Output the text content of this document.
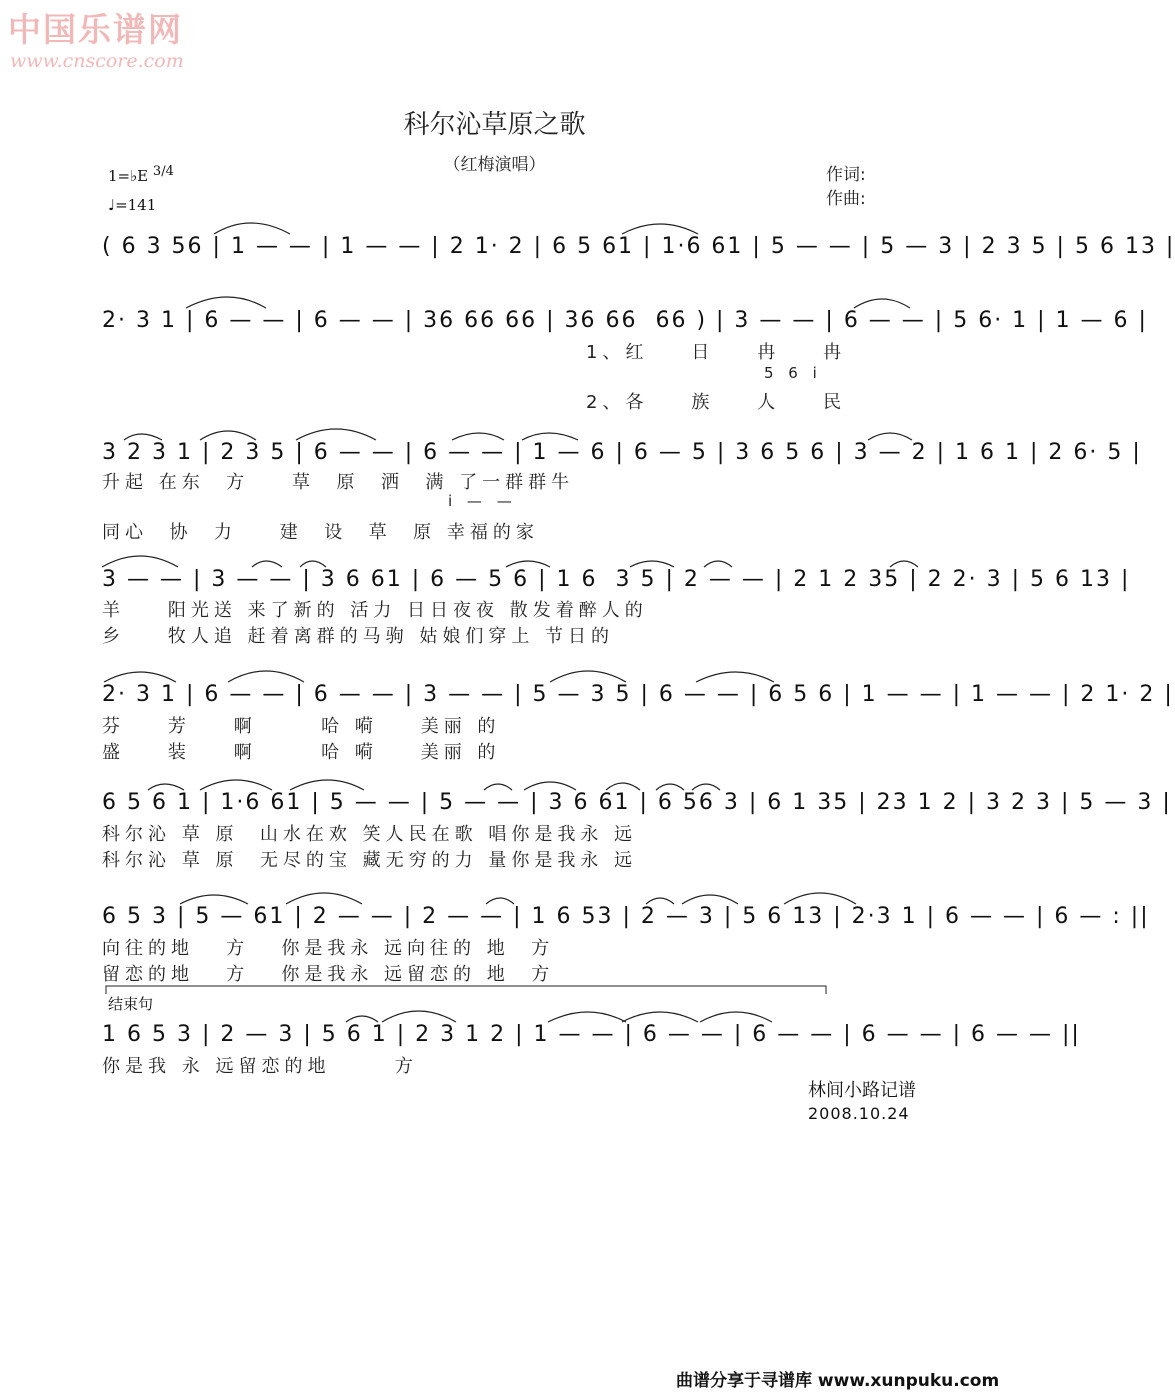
中国乐谱网
www.cnscore.com
科尔沁草原之歌
（红梅演唱）	作词:
作曲:
1=♭E 3/4
♩=141
( 6 3 56 | 1 — — | 1 — — | 2 1· 2 | 6 5 61 | 1·6 61 | 5 — — | 5 — 3 | 2 3 5 | 5 6 13 |
2· 3 1 | 6 — — | 6 — — | 36 66 66 | 36 66  66 ) | 3 — — | 6 — — | 5 6· 1 | 1 — 6 |
1、红    日    冉    冉
5 6 i
2、各    族    人    民
3 2 3 1 | 2 3 5 | 6 — — | 6 — — | 1 — 6 | 6 — 5 | 3 6 5 6 | 3 — 2 | 1 6 1 | 2 6· 5 |
升起 在东  方    草  原  洒  满 了一群群牛
i — —
同心  协  力    建  设  草  原 幸福的家
3 — — | 3 — — | 3 6 61 | 6 — 5 6 | 1 6  3 5 | 2 — — | 2 1 2 35 | 2 2· 3 | 5 6 13 |
羊    阳光送 来了新的 活力 日日夜夜 散发着醉人的
乡    牧人追 赶着离群的马驹 姑娘们穿上 节日的
2· 3 1 | 6 — — | 6 — — | 3 — — | 5 — 3 5 | 6 — — | 6 5 6 | 1 — — | 1 — — | 2 1· 2 |
芬    芳    啊      哈 嗬    美丽 的
盛    装    啊      哈 嗬    美丽 的
6 5 6 1 | 1·6 61 | 5 — — | 5 — — | 3 6 61 | 6 56 3 | 6 1 35 | 23 1 2 | 3 2 3 | 5 — 3 |
科尔沁 草 原  山水在欢 笑人民在歌 唱你是我永 远
科尔沁 草 原  无尽的宝 藏无穷的力 量你是我永 远
6 5 3 | 5 — 61 | 2 — — | 2 — — | 1 6 53 | 2 — 3 | 5 6 13 | 2·3 1 | 6 — — | 6 — : ||
向往的地   方   你是我永 远向往的 地  方
留恋的地   方   你是我永 远留恋的 地  方
结束句
1 6 5 3 | 2 — 3 | 5 6 1 | 2 3 1 2 | 1 — — | 6 — — | 6 — — | 6 — — | 6 — — ||
你是我 永 远留恋的地      方
林间小路记谱
2008.10.24
曲谱分享于寻谱库 www.xunpuku.com
